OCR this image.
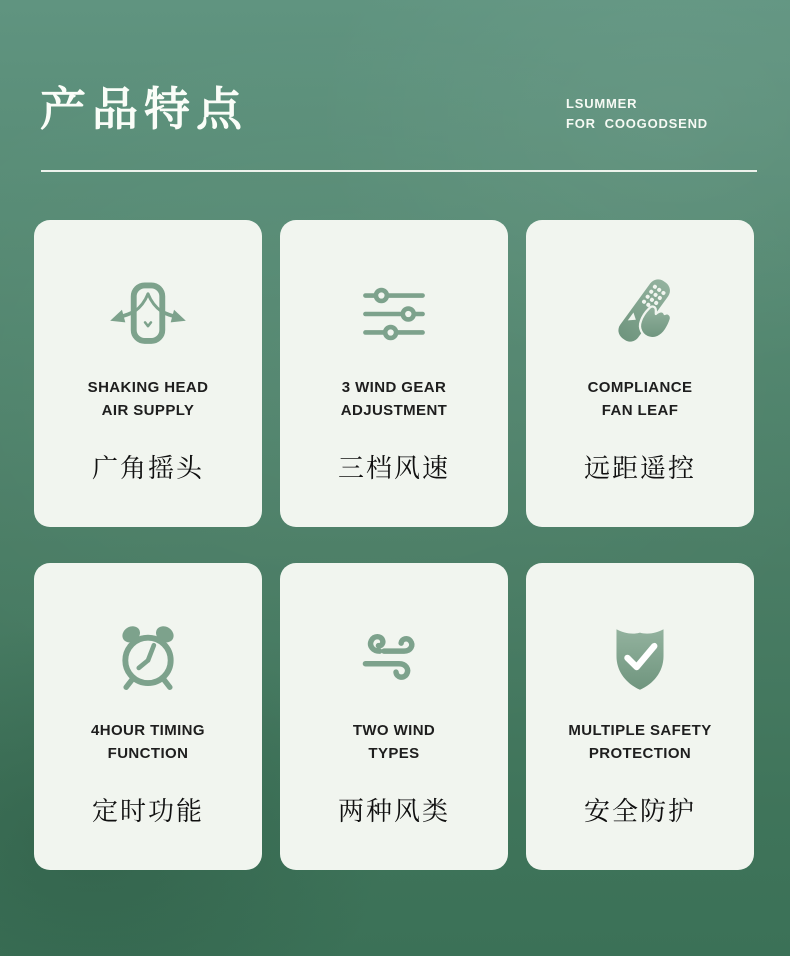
产品特点	LSUMMER
FOR  COOGODSEND
SHAKING HEAD
AIR SUPPLY
广角摇头
3 WIND GEAR
ADJUSTMENT
三档风速
COMPLIANCE
FAN LEAF
远距遥控
4HOUR TIMING
FUNCTION
定时功能
TWO WIND
TYPES
两种风类
MULTIPLE SAFETY
PROTECTION
安全防护
